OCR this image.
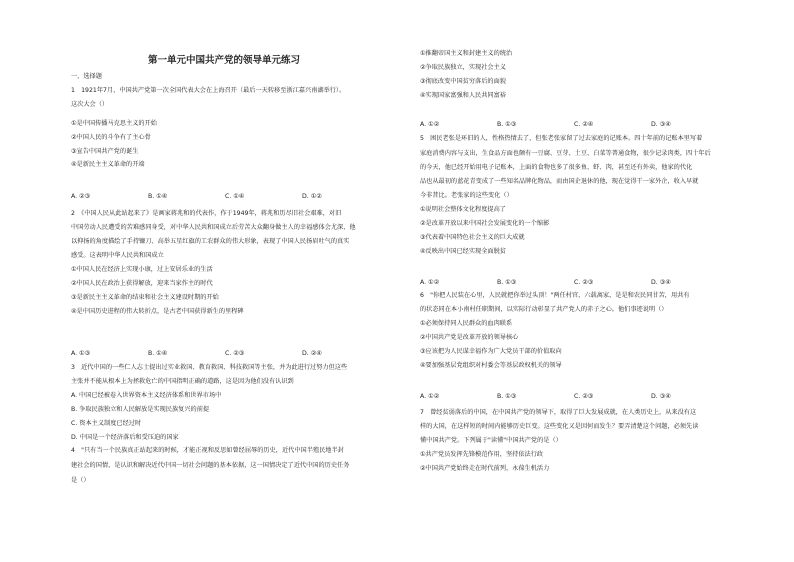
第一单元中国共产党的领导单元练习
一、选择题
1　1921年7月，中国共产党第一次全国代表大会在上海召开（最后一天转移至浙江嘉兴南湖举行）。
这次大会（）
①是中国传播马克思主义的开始
②中国人民的斗争有了主心骨
③宣告中国共产党的诞生
④是新民主主义革命的开端
2　《中国人民从此站起来了》是画家蒋兆和的代表作，作于1949年，蒋兆和历尽旧社会艰难，对旧
中国劳动人民遭受的苦难感同身受，对中华人民共和国成立后劳苦大众翻身做主人的幸福感体会尤深，他
以抑扬的角度描绘了手持镰刀、高举五星红旗的工农群众的伟大形象，表现了中国人民扬眉吐气的真实
感受。这表明中华人民共和国成立
①中国人民在经济上实现小康，过上安居乐业的生活
②中国人民在政治上获得解放，迎来当家作主的时代
③是新民主主义革命的结束和社会主义建设时期的开始
④是中国历史进程的伟大转折点，是古老中国获得新生的里程碑
3　近代中国的一些仁人志士提出过实业救国、教育救国、科技救国等主张，并为此进行过努力但这些
主张并不能从根本上为拯救危亡的中国指明正确的道路，这是因为他们没有认识到
A. 中国已经被卷入世界资本主义经济体系和世界市场中
B. 争取民族独立和人民解放是实现民族复兴的前提
C. 资本主义制度已经过时
D. 中国是一个经济落后和受压迫的国家
4　"只有当一个民族真正站起来的时候，才能正视和反思如曾经屈辱的历史，近代中国半殖民地半封
建社会的国情，是认识和解决近代中国一切社会问题的基本依据，这一国情决定了近代中国的历史任务
是（）
A. ②③	B. ①④	C. ①④	D. ①②
A. ①③	B. ①④	C. ②③	D. ②④
①推翻帝国主义和封建主义的统治
②争取民族独立，实现社会主义
③彻底改变中国贫穷落后的面貌
④实现国家富强和人民共同富裕
5　困民老张是环旧的人，性格热情去了，但张老张家留了过去家庭的记账本。四十年前的记账本里写着
家庭消费内容与支出，生食品方面也颇有一豆腐、豆芽、土豆、白菜等普通食物，很少记录肉类，四十年后
的今天，他已经开始用电子记账本，上面的食物也多了很多鱼、虾、肉，甚至还有外卖，他家的代化
品也从最初的蓝花青变成了一些知名品牌化物品，而由国企退休的他，现在觉得干一家外企，收入早就
今非昔比。老张家的这些变化（）
①说明社会整体文化程度提高了
②是改革开放以来中国社会发展变化的一个缩影
③代表着中国特色社会主义的巨大成就
④反映出中国已经实现全面脱贫
6　"你把人民装在心里，人民就把你举过头顶！"两任村官，六载离家，是是和农民同甘苦，用共有
的状态同在本小南村任职期间，以实际行动彰显了共产党人的赤子之心。他们事迹说明（）
①必须保持同人民群众的血肉联系
②中国共产党是改革开放的领导核心
③应该把为人民谋幸福作为广大党员干部的价值取向
④要加强基层党组织对村委会等基层政权机关的领导
7　曾经贫弱落后的中国，在中国共产党的领导下，取得了巨大发展成就，在人类历史上，从来没有这
样的大国，在这样短的时间内能够历史巨变。这些变化又是因何而发生？要弄清楚这个问题，必须先读
懂中国共产党。下列属于"读懂"中国共产党的是（）
①共产党员发挥先锋模范作用，坚持依法行政
②中国共产党始终走在时代前列，永葆生机活力
A. ①②	B. ①③	C. ②④	D. ③④
A. ①②	B. ①③	C. ②③	D. ③④
A. ①②	B. ①③	C. ②③	D. ③④
